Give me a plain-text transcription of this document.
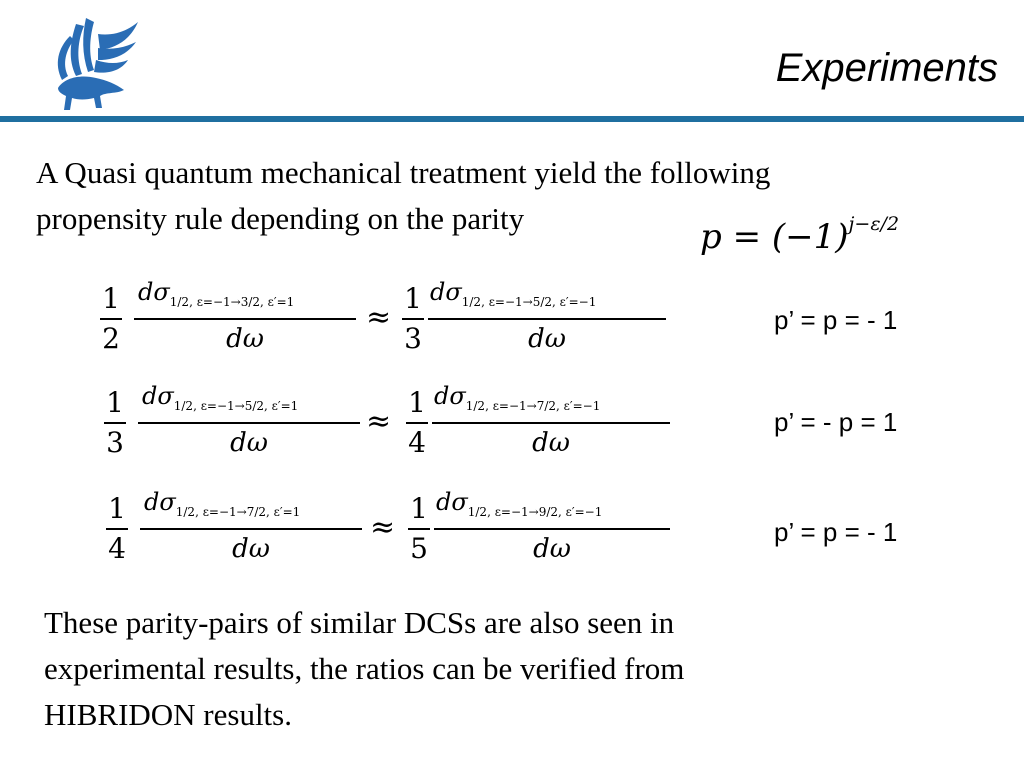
Experiments

A Quasi quantum mechanical treatment yield the following
propensity rule depending on the parity	$p = (-1)^{j-\varepsilon/2}$
1
2
$d\sigma_{1/2, \varepsilon=-1\to 3/2, \varepsilon'=1}$
dω
≈
1
3
$d\sigma_{1/2, \varepsilon=-1\to 5/2, \varepsilon'=-1}$
dω
p’ = p = - 1
1
3
$d\sigma_{1/2, \varepsilon=-1\to 5/2, \varepsilon'=1}$
dω
≈
1
4
$d\sigma_{1/2, \varepsilon=-1\to 7/2, \varepsilon'=-1}$
dω
p’ = - p = 1
1
4
$d\sigma_{1/2, \varepsilon=-1\to 7/2, \varepsilon'=1}$
dω
≈
1
5
$d\sigma_{1/2, \varepsilon=-1\to 9/2, \varepsilon'=-1}$
dω
p’ = p = - 1

These parity-pairs of similar DCSs are also seen in
experimental results, the ratios can be verified from
HIBRIDON results.
